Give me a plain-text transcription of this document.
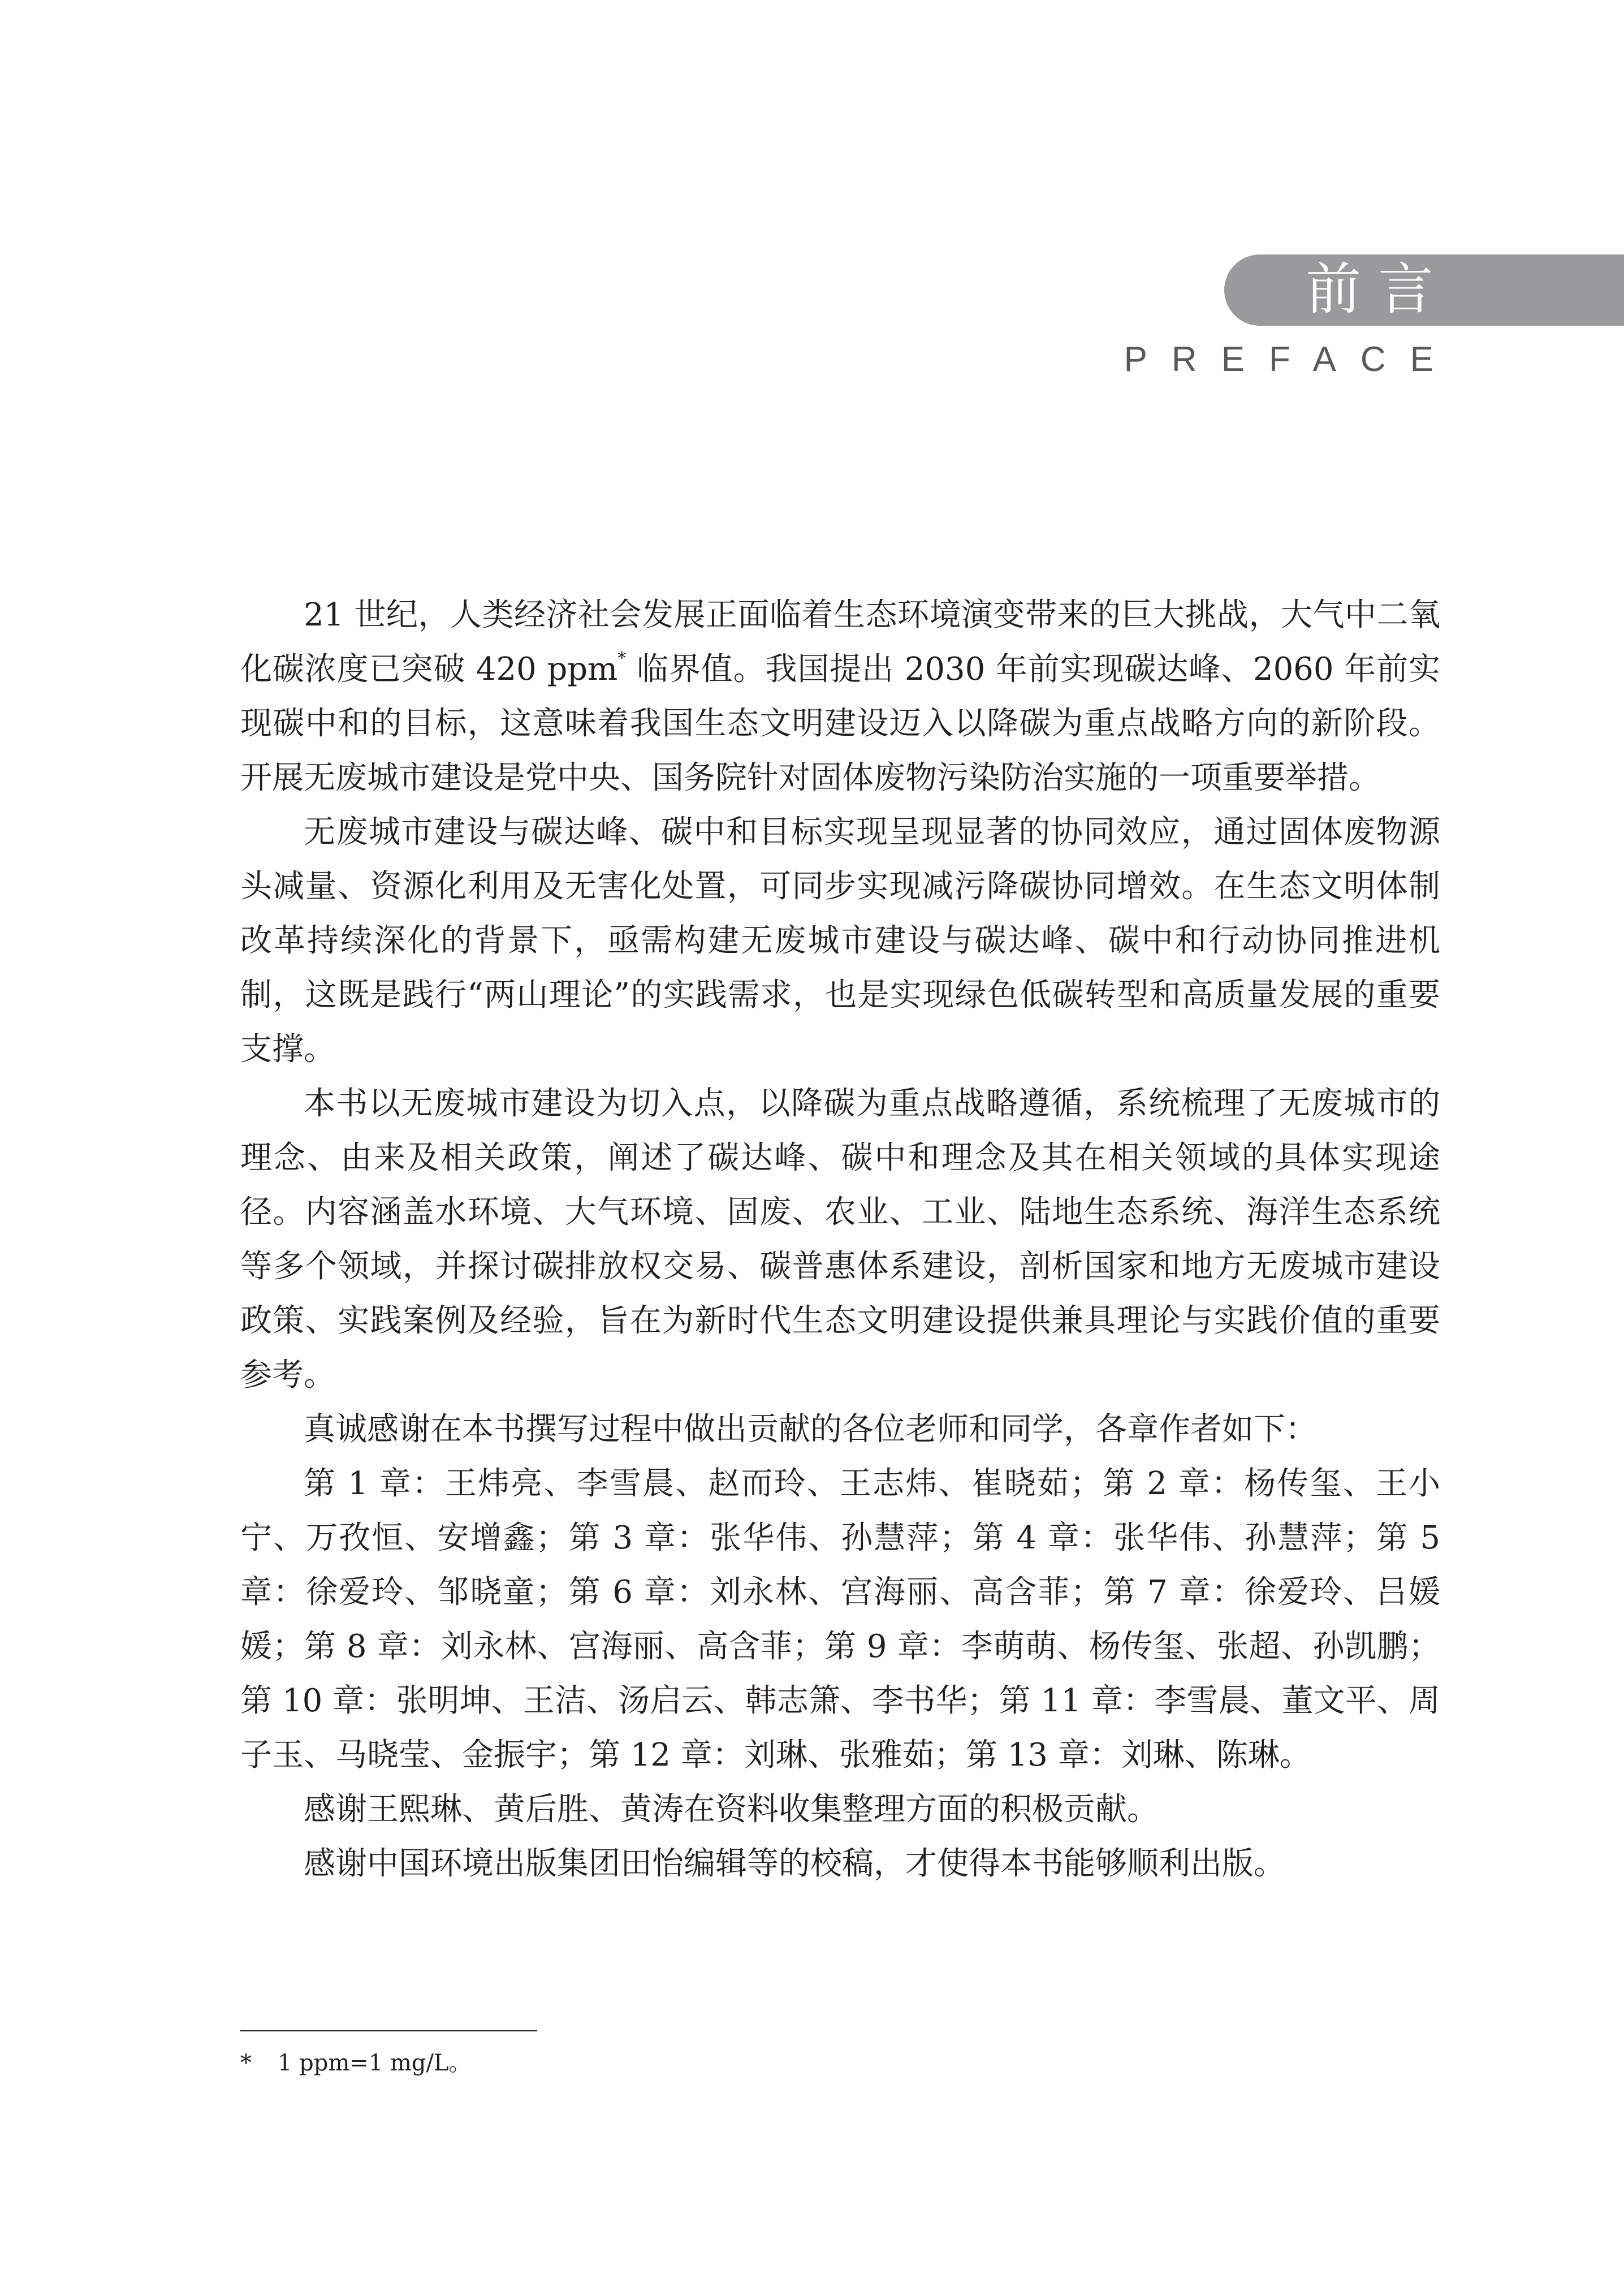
前言
PREFACE

21 世纪，人类经济社会发展正面临着生态环境演变带来的巨大挑战，大气中二氧化碳浓度已突破 420 ppm* 临界值。我国提出 2030 年前实现碳达峰、2060 年前实现碳中和的目标，这意味着我国生态文明建设迈入以降碳为重点战略方向的新阶段。开展无废城市建设是党中央、国务院针对固体废物污染防治实施的一项重要举措。

无废城市建设与碳达峰、碳中和目标实现呈现显著的协同效应，通过固体废物源头减量、资源化利用及无害化处置，可同步实现减污降碳协同增效。在生态文明体制改革持续深化的背景下，亟需构建无废城市建设与碳达峰、碳中和行动协同推进机制，这既是践行“两山理论”的实践需求，也是实现绿色低碳转型和高质量发展的重要支撑。

本书以无废城市建设为切入点，以降碳为重点战略遵循，系统梳理了无废城市的理念、由来及相关政策，阐述了碳达峰、碳中和理念及其在相关领域的具体实现途径。内容涵盖水环境、大气环境、固废、农业、工业、陆地生态系统、海洋生态系统等多个领域，并探讨碳排放权交易、碳普惠体系建设，剖析国家和地方无废城市建设政策、实践案例及经验，旨在为新时代生态文明建设提供兼具理论与实践价值的重要参考。

真诚感谢在本书撰写过程中做出贡献的各位老师和同学，各章作者如下：

第 1 章：王炜亮、李雪晨、赵而玲、王志炜、崔晓茹；第 2 章：杨传玺、王小宁、万孜恒、安增鑫；第 3 章：张华伟、孙慧萍；第 4 章：张华伟、孙慧萍；第 5 章：徐爱玲、邹晓童；第 6 章：刘永林、宫海丽、高含菲；第 7 章：徐爱玲、吕媛媛；第 8 章：刘永林、宫海丽、高含菲；第 9 章：李萌萌、杨传玺、张超、孙凯鹏；第 10 章：张明坤、王洁、汤启云、韩志箫、李书华；第 11 章：李雪晨、董文平、周子玉、马晓莹、金振宇；第 12 章：刘琳、张雅茹；第 13 章：刘琳、陈琳。

感谢王熙琳、黄后胜、黄涛在资料收集整理方面的积极贡献。

感谢中国环境出版集团田怡编辑等的校稿，才使得本书能够顺利出版。

* 1 ppm=1 mg/L。
